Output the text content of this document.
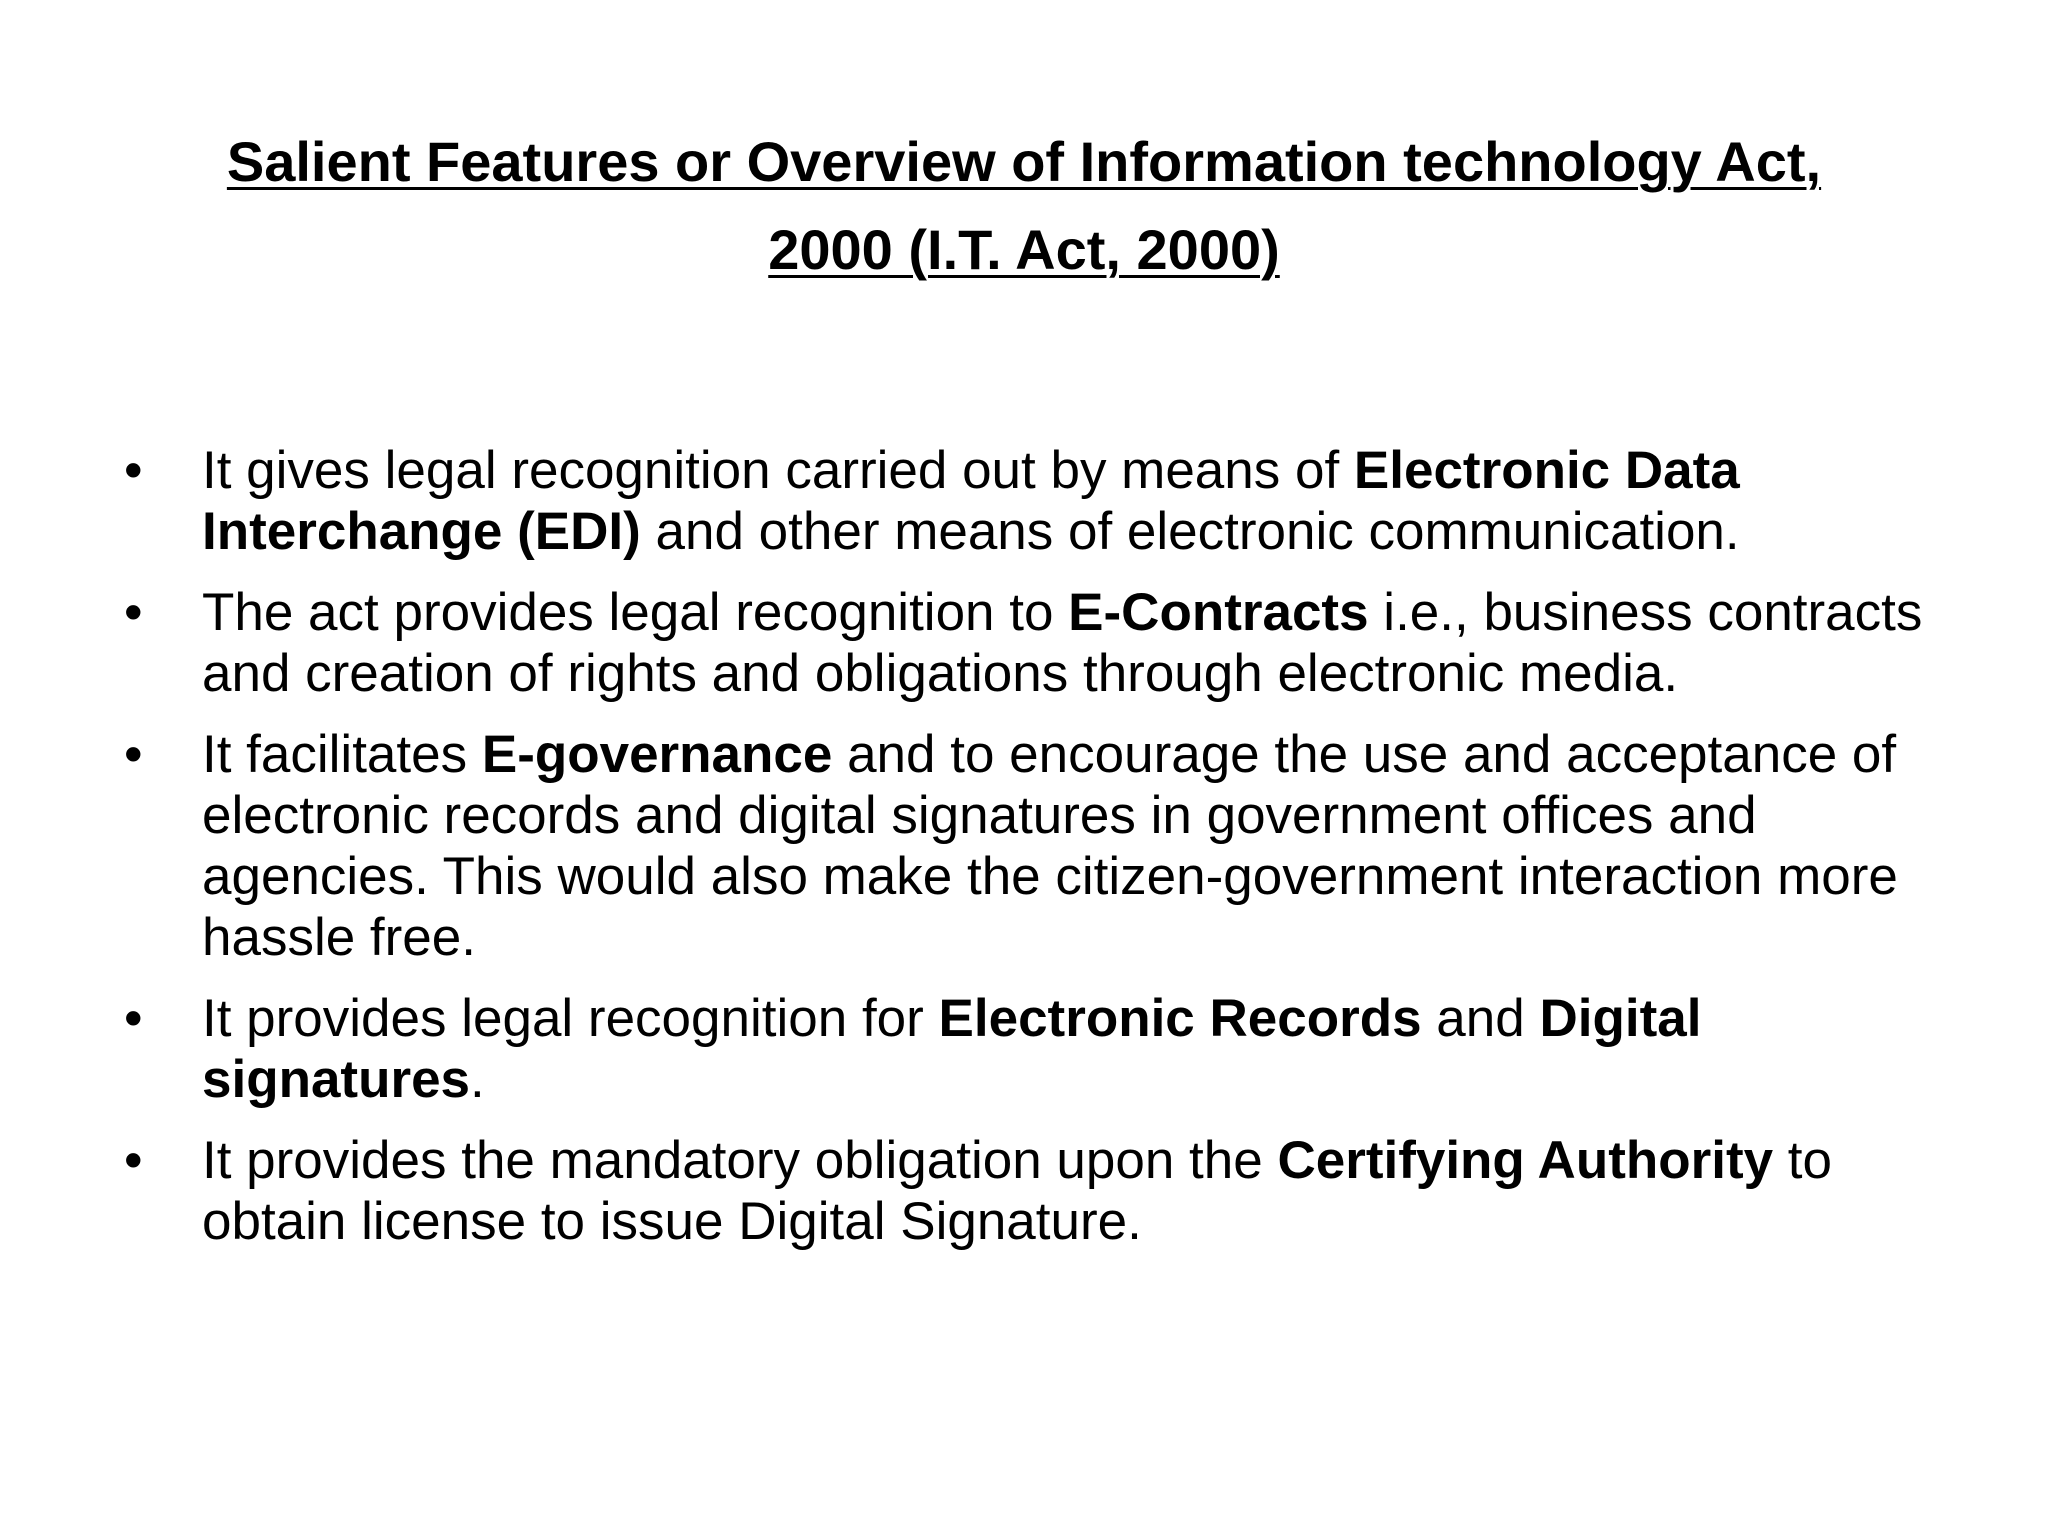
Salient Features or Overview of Information technology Act,
2000 (I.T. Act, 2000)
•	It gives legal recognition carried out by means of Electronic Data Interchange (EDI) and other means of electronic communication.
•	The act provides legal recognition to E-Contracts i.e., business contracts and creation of rights and obligations through electronic media.
•	It facilitates E-governance and to encourage the use and acceptance of electronic records and digital signatures in government offices and agencies. This would also make the citizen-government interaction more hassle free.
•	It provides legal recognition for Electronic Records and Digital signatures.
•	It provides the mandatory obligation upon the Certifying Authority to obtain license to issue Digital Signature.
